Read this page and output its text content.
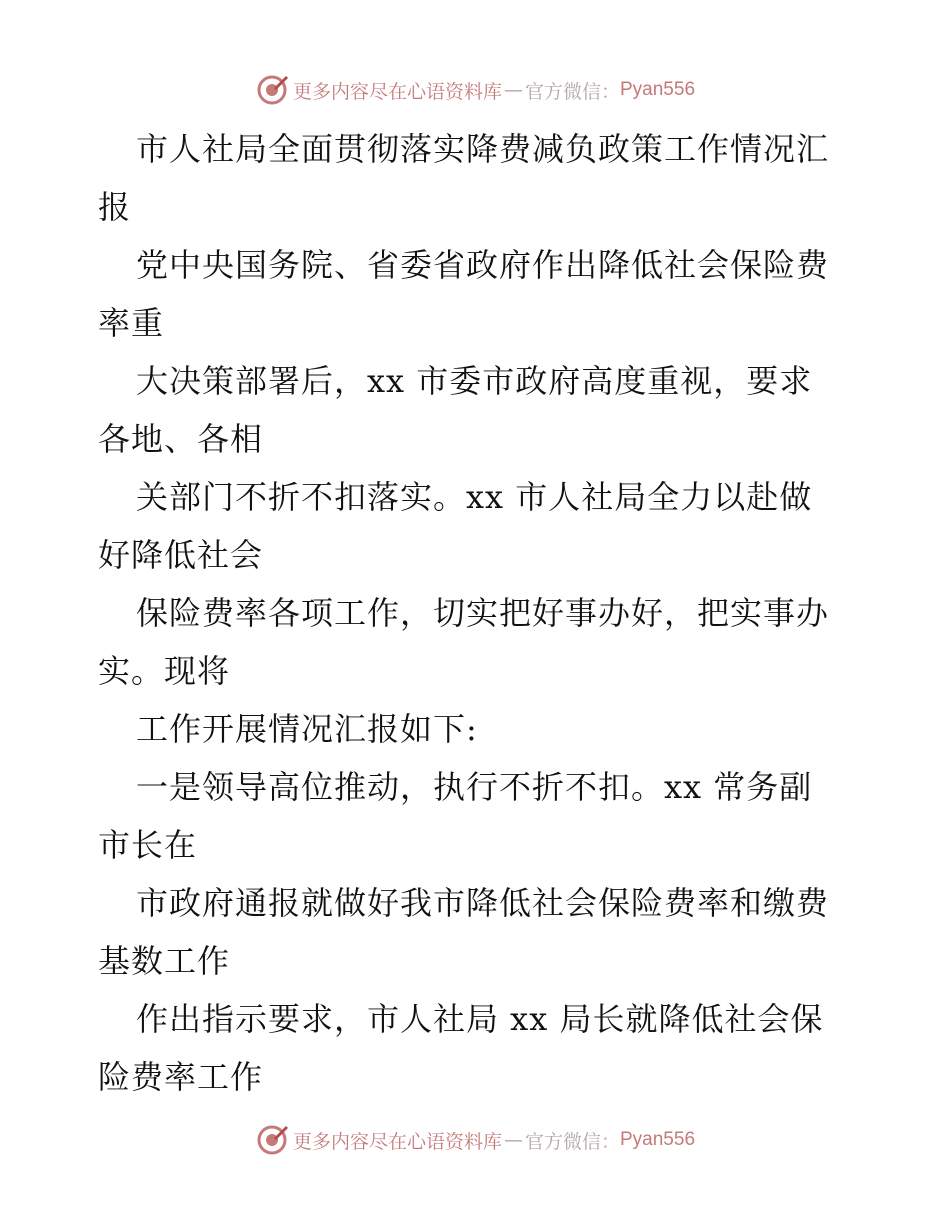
更多内容尽在心语资料库 — 官方微信： Pyan556
市人社局全面贯彻落实降费减负政策工作情况汇
报
党中央国务院、省委省政府作出降低社会保险费
率重
大决策部署后，xx 市委市政府高度重视，要求
各地、各相
关部门不折不扣落实。xx 市人社局全力以赴做
好降低社会
保险费率各项工作，切实把好事办好，把实事办
实。现将
工作开展情况汇报如下:
一是领导高位推动，执行不折不扣。xx 常务副
市长在
市政府通报就做好我市降低社会保险费率和缴费
基数工作
作出指示要求，市人社局 xx 局长就降低社会保
险费率工作
更多内容尽在心语资料库 — 官方微信： Pyan556
